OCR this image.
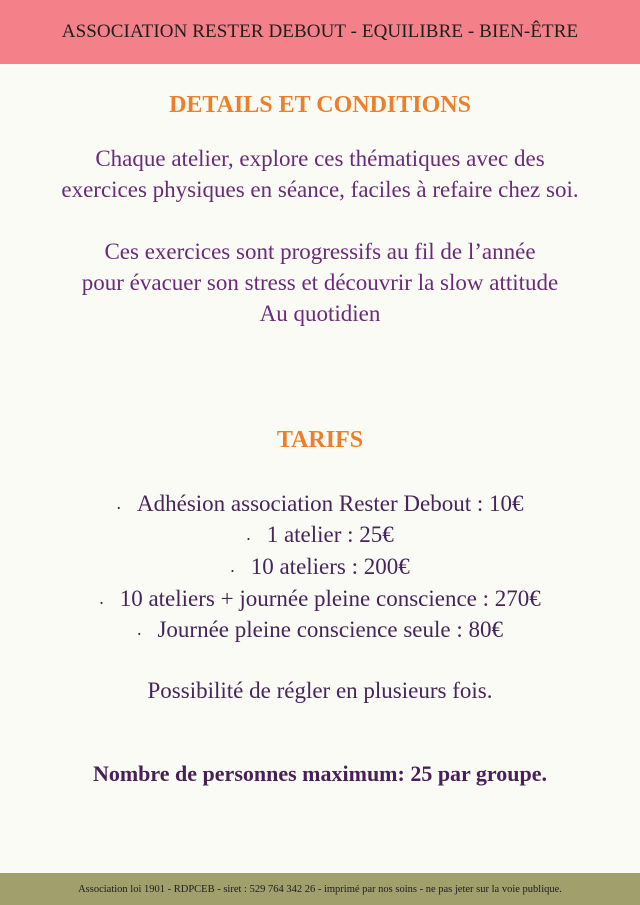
ASSOCIATION RESTER DEBOUT - EQUILIBRE - BIEN-ÊTRE
DETAILS ET CONDITIONS
Chaque atelier, explore ces thématiques avec des
exercices physiques en séance, faciles à refaire chez soi.
Ces exercices sont progressifs au fil de l’année
pour évacuer son stress et découvrir la slow attitude
Au quotidien
TARIFS
. Adhésion association Rester Debout : 10€
. 1 atelier : 25€
. 10 ateliers : 200€
. 10 ateliers + journée pleine conscience : 270€
. Journée pleine conscience seule : 80€
Possibilité de régler en plusieurs fois.
Nombre de personnes maximum: 25 par groupe.
Association loi 1901 - RDPCEB - siret : 529 764 342 26 - imprimé par nos soins - ne pas jeter sur la voie publique.
